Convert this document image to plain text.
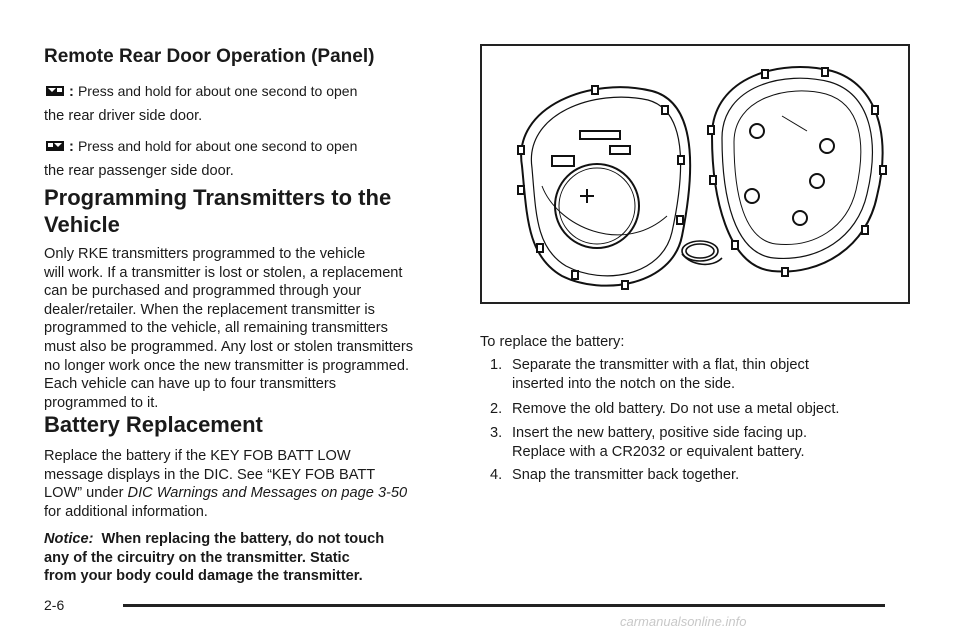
Remote Rear Door Operation (Panel)
: Press and hold for about one second to open
the rear driver side door.
: Press and hold for about one second to open
the rear passenger side door.
Programming Transmitters to the
Vehicle
Only RKE transmitters programmed to the vehicle
will work. If a transmitter is lost or stolen, a replacement
can be purchased and programmed through your
dealer/retailer. When the replacement transmitter is
programmed to the vehicle, all remaining transmitters
must also be programmed. Any lost or stolen transmitters
no longer work once the new transmitter is programmed.
Each vehicle can have up to four transmitters
programmed to it.
Battery Replacement
Replace the battery if the KEY FOB BATT LOW
message displays in the DIC. See “KEY FOB BATT
LOW” under DIC Warnings and Messages on page 3-50
for additional information.
Notice: When replacing the battery, do not touch
any of the circuitry on the transmitter. Static
from your body could damage the transmitter.
To replace the battery:
1. Separate the transmitter with a flat, thin object
inserted into the notch on the side.
2. Remove the old battery. Do not use a metal object.
3. Insert the new battery, positive side facing up.
Replace with a CR2032 or equivalent battery.
4. Snap the transmitter back together.
2-6
carmanualsonline.info
